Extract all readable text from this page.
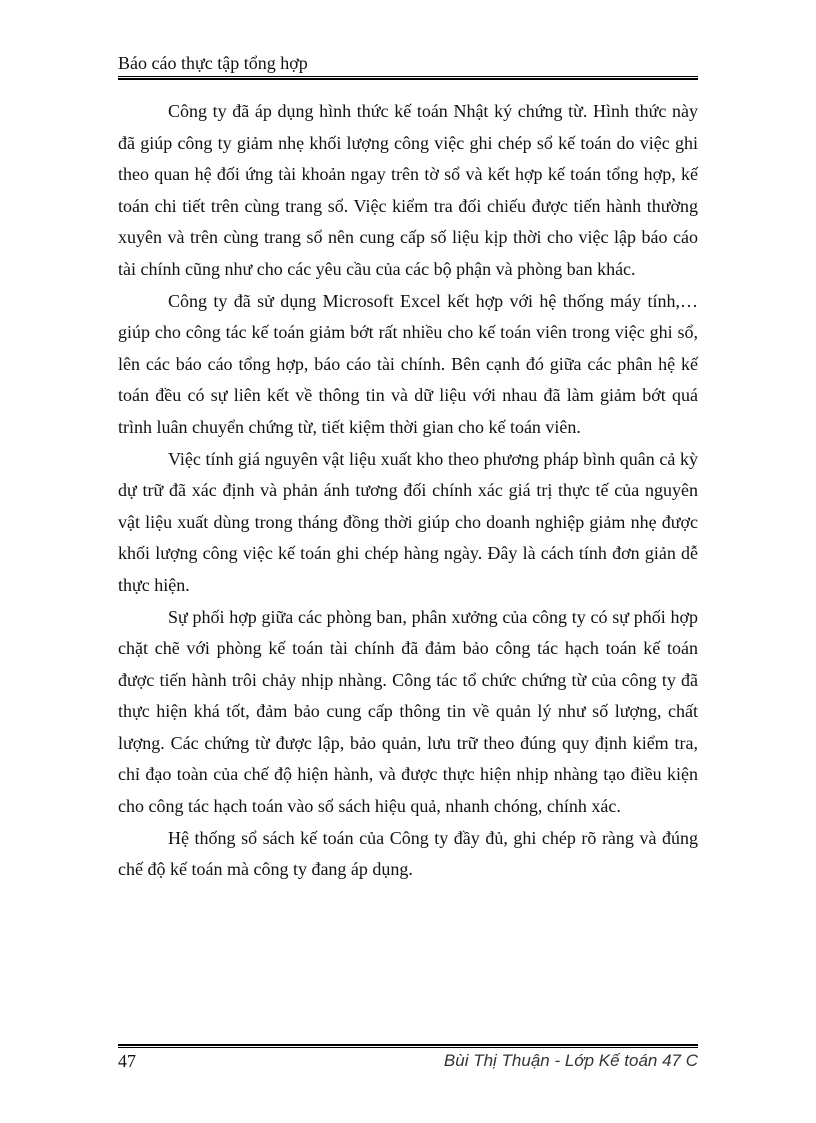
Báo cáo thực tập tổng hợp

Công ty đã áp dụng hình thức kế toán Nhật ký chứng từ. Hình thức này đã giúp công ty giảm nhẹ khối lượng công việc ghi chép sổ kế toán do việc ghi theo quan hệ đối ứng tài khoản ngay trên tờ sổ và kết hợp kế toán tổng hợp, kế toán chi tiết trên cùng trang sổ. Việc kiểm tra đối chiếu được tiến hành thường xuyên và trên cùng trang sổ nên cung cấp số liệu kịp thời cho việc lập báo cáo tài chính cũng như cho các yêu cầu của các bộ phận và phòng ban khác.

Công ty đã sử dụng Microsoft Excel kết hợp với hệ thống máy tính,… giúp cho công tác kế toán giảm bớt rất nhiều cho kế toán viên trong việc ghi sổ, lên các báo cáo tổng hợp, báo cáo tài chính. Bên cạnh đó giữa các phân hệ kế toán đều có sự liên kết về thông tin và dữ liệu với nhau đã làm giảm bớt quá trình luân chuyển chứng từ, tiết kiệm thời gian cho kế toán viên.

Việc tính giá nguyên vật liệu xuất kho theo phương pháp bình quân cả kỳ dự trữ đã xác định và phản ánh tương đối chính xác giá trị thực tế của nguyên vật liệu xuất dùng trong tháng đồng thời giúp cho doanh nghiệp giảm nhẹ được khối lượng công việc kế toán ghi chép hàng ngày. Đây là cách tính đơn giản dễ thực hiện.

Sự phối hợp giữa các phòng ban, phân xưởng của công ty có sự phối hợp chặt chẽ với phòng kế toán tài chính đã đảm bảo công tác hạch toán kế toán được tiến hành trôi chảy nhịp nhàng. Công tác tổ chức chứng từ của công ty đã thực hiện khá tốt, đảm bảo cung cấp thông tin về quản lý như số lượng, chất lượng. Các chứng từ được lập, bảo quản, lưu trữ theo đúng quy định kiểm tra, chỉ đạo toàn của chế độ hiện hành, và được thực hiện nhịp nhàng tạo điều kiện cho công tác hạch toán vào sổ sách hiệu quả, nhanh chóng, chính xác.

Hệ thống sổ sách kế toán của Công ty đầy đủ, ghi chép rõ ràng và đúng chế độ kế toán mà công ty đang áp dụng.

47	Bùi Thị Thuận - Lớp Kế toán 47 C
